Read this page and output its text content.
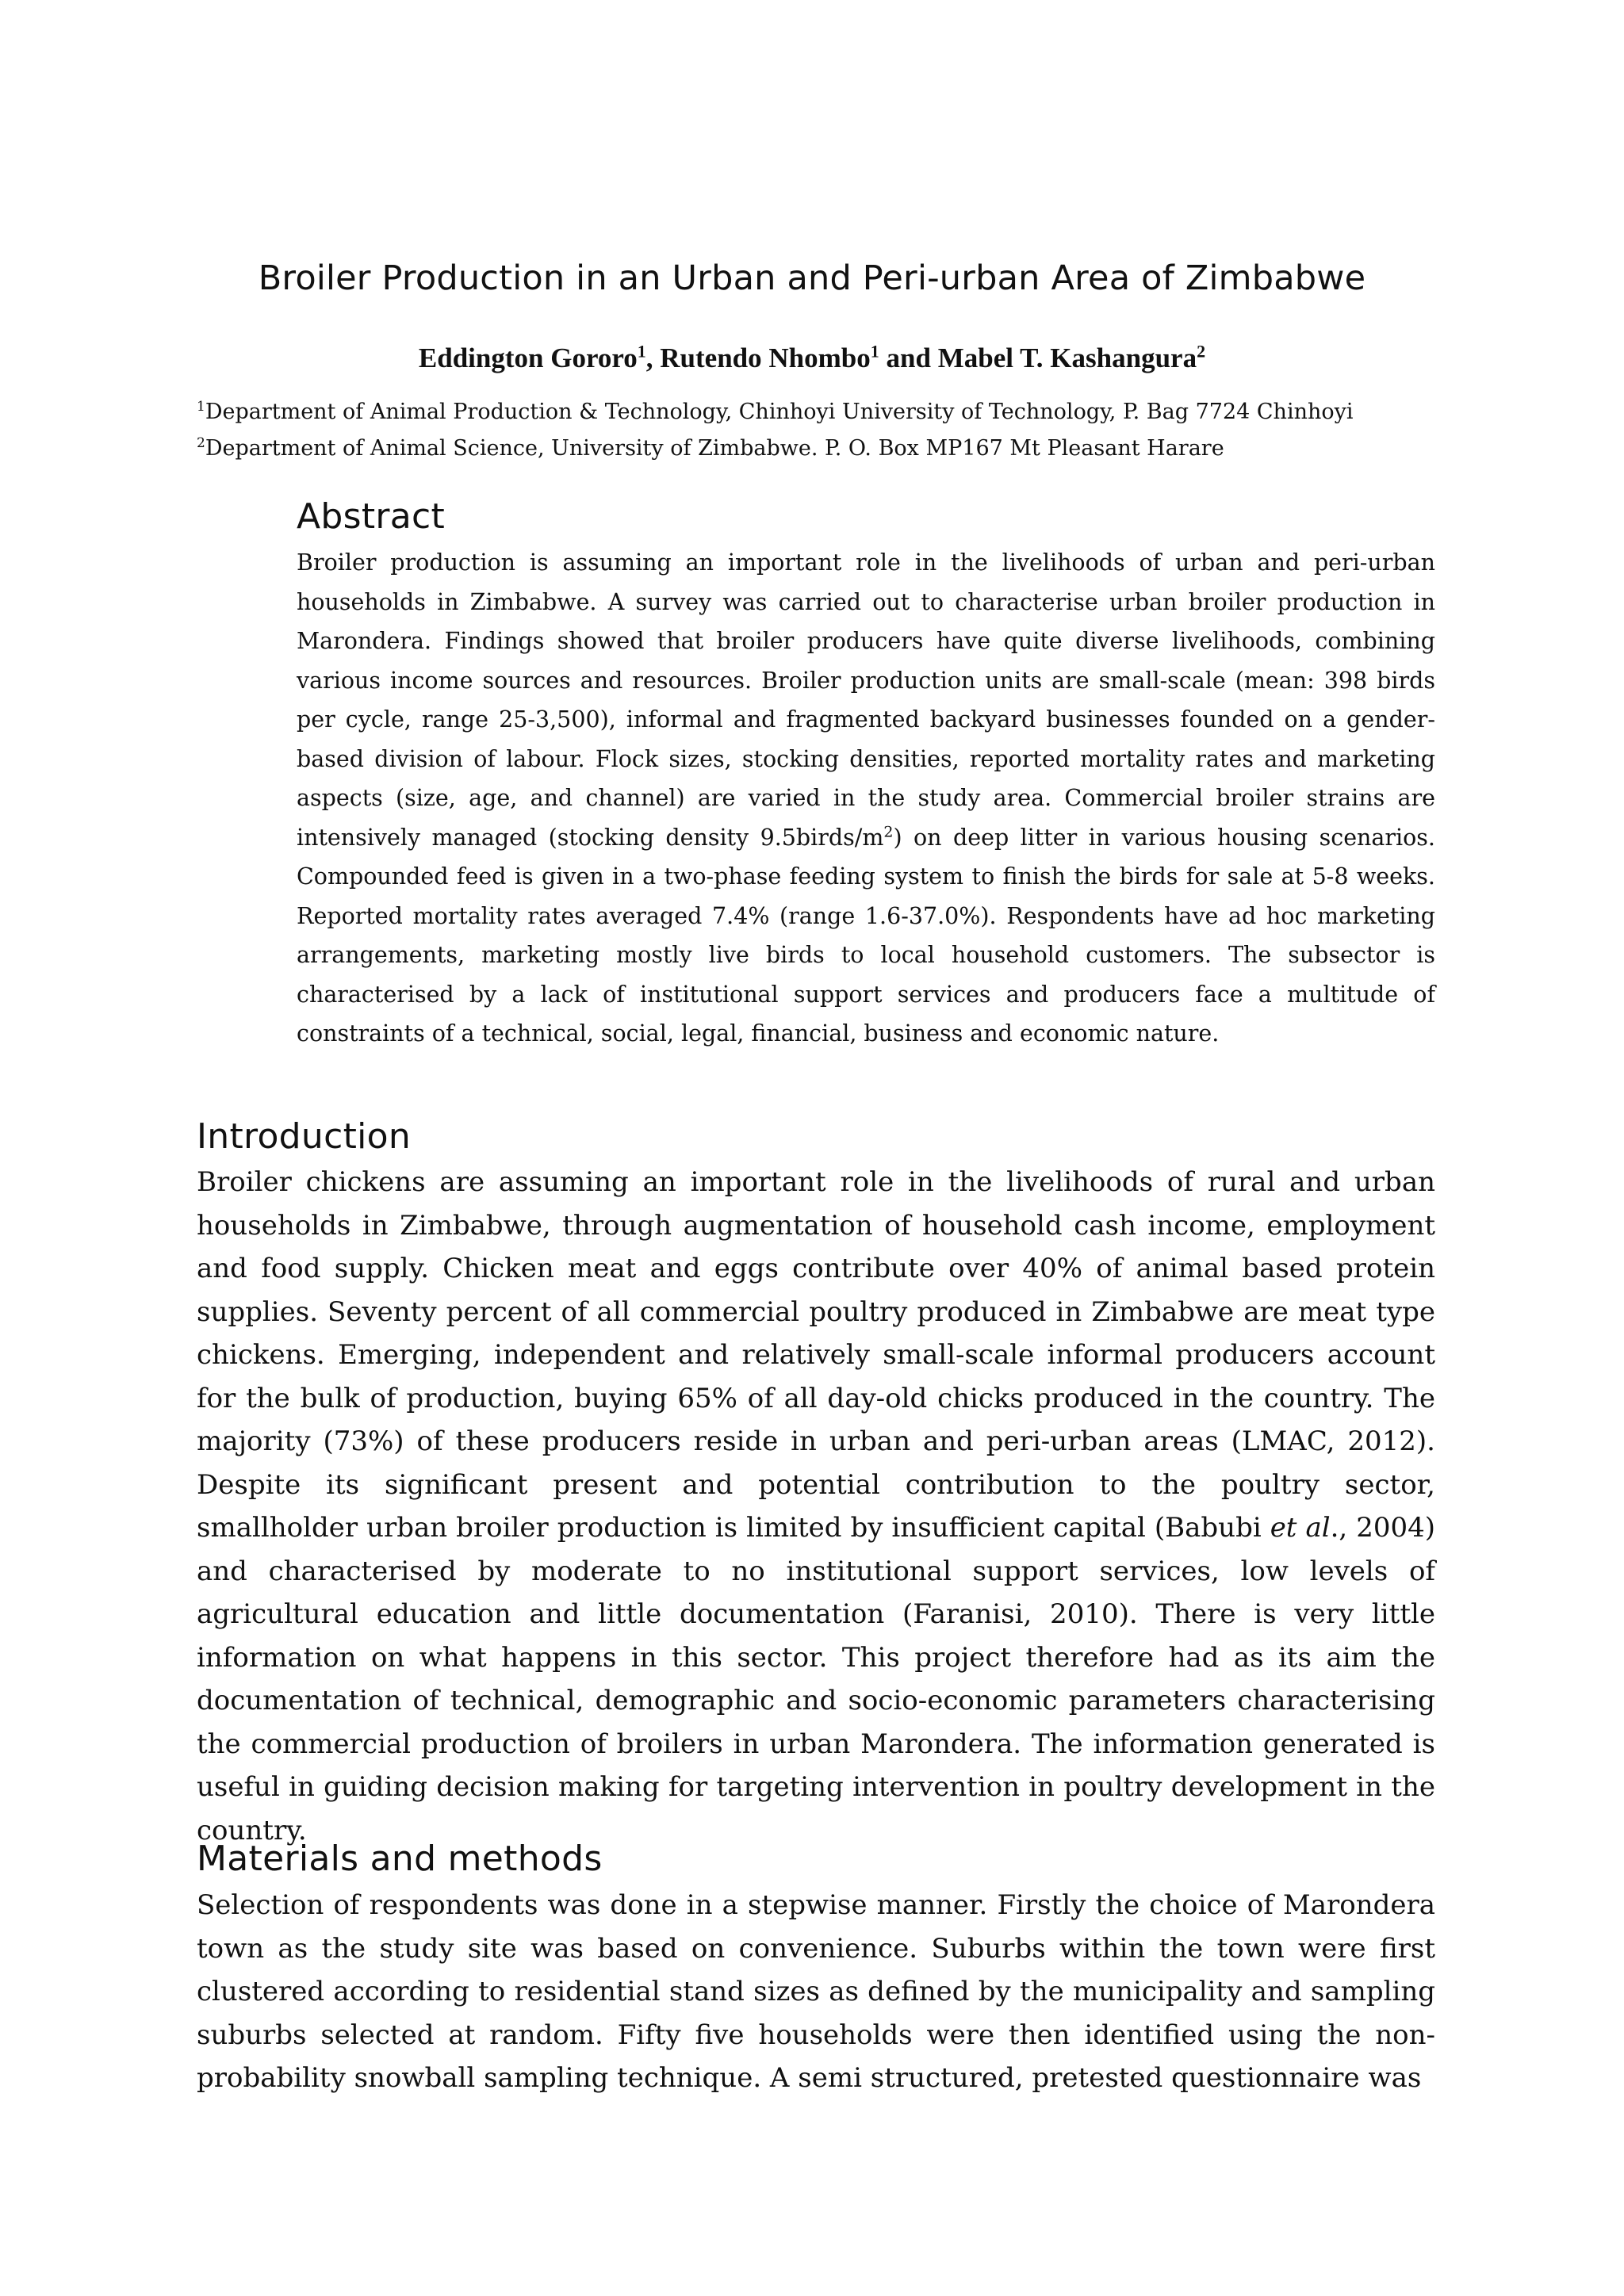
Broiler Production in an Urban and Peri-urban Area of Zimbabwe
Eddington Gororo$^1$, Rutendo Nhombo$^1$ and Mabel T. Kashangura$^2$
$^1$Department of Animal Production & Technology, Chinhoyi University of Technology, P. Bag 7724 Chinhoyi
$^2$Department of Animal Science, University of Zimbabwe. P. O. Box MP167 Mt Pleasant Harare
Abstract

Broiler production is assuming an important role in the livelihoods of urban and peri-urban households in Zimbabwe. A survey was carried out to characterise urban broiler production in Marondera. Findings showed that broiler producers have quite diverse livelihoods, combining various income sources and resources. Broiler production units are small-scale (mean: 398 birds per cycle, range 25-3,500), informal and fragmented backyard businesses founded on a gender-based division of labour. Flock sizes, stocking densities, reported mortality rates and marketing aspects (size, age, and channel) are varied in the study area. Commercial broiler strains are intensively managed (stocking density $9.5birds/m^2$) on deep litter in various housing scenarios. Compounded feed is given in a two-phase feeding system to finish the birds for sale at 5-8 weeks. Reported mortality rates averaged 7.4% (range 1.6-37.0%). Respondents have ad hoc marketing arrangements, marketing mostly live birds to local household customers. The subsector is characterised by a lack of institutional support services and producers face a multitude of constraints of a technical, social, legal, financial, business and economic nature.

Introduction

Broiler chickens are assuming an important role in the livelihoods of rural and urban households in Zimbabwe, through augmentation of household cash income, employment and food supply. Chicken meat and eggs contribute over 40% of animal based protein supplies. Seventy percent of all commercial poultry produced in Zimbabwe are meat type chickens. Emerging, independent and relatively small-scale informal producers account for the bulk of production, buying 65% of all day-old chicks produced in the country. The majority (73%) of these producers reside in urban and peri-urban areas (LMAC, 2012). Despite its significant present and potential contribution to the poultry sector, smallholder urban broiler production is limited by insufficient capital (Babubi et al., 2004) and characterised by moderate to no institutional support services, low levels of agricultural education and little documentation (Faranisi, 2010). There is very little information on what happens in this sector. This project therefore had as its aim the documentation of technical, demographic and socio-economic parameters characterising the commercial production of broilers in urban Marondera. The information generated is useful in guiding decision making for targeting intervention in poultry development in the country.

Materials and methods

Selection of respondents was done in a stepwise manner. Firstly the choice of Marondera town as the study site was based on convenience. Suburbs within the town were first clustered according to residential stand sizes as defined by the municipality and sampling suburbs selected at random. Fifty five households were then identified using the non-probability snowball sampling technique. A semi structured, pretested questionnaire was
